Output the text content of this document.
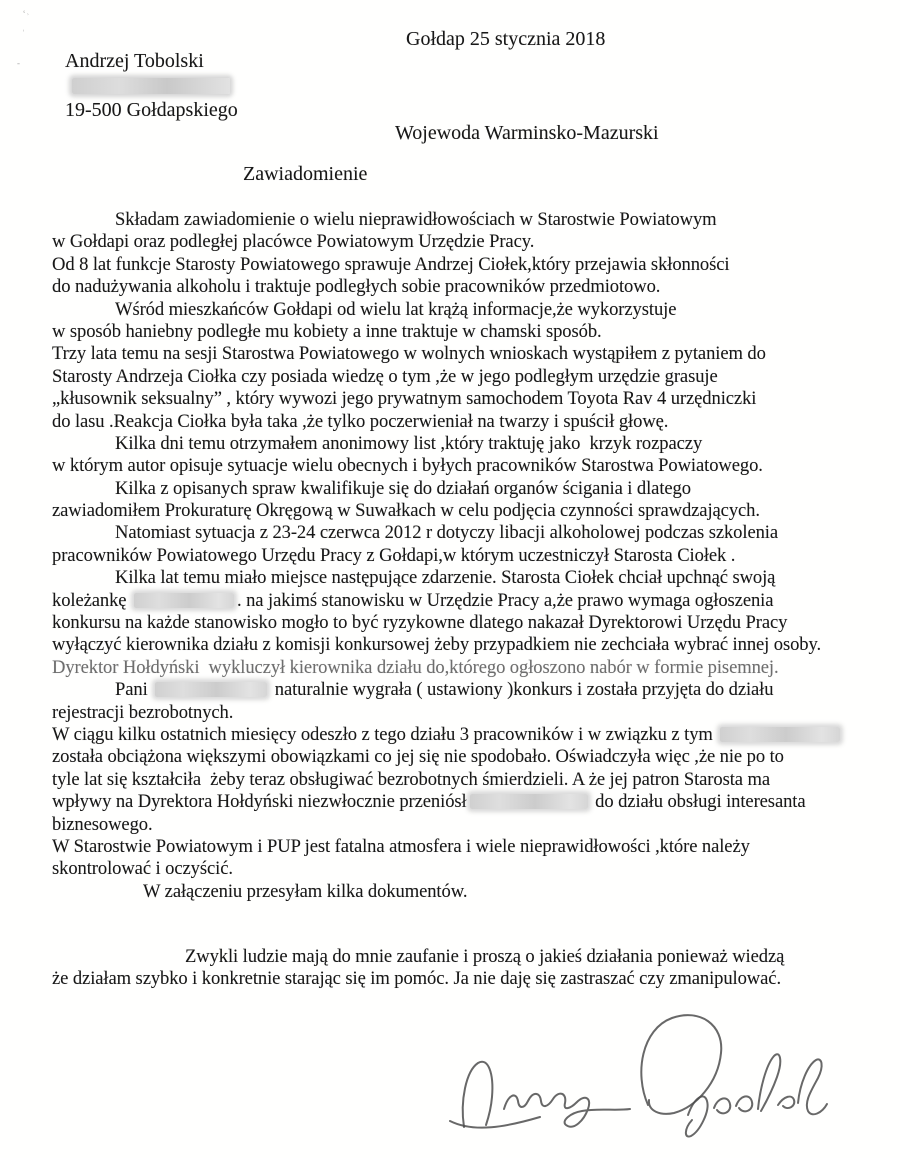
ʻ˒
˒
-
Gołdap 25 stycznia 2018
Andrzej Tobolski
19-500 Gołdapskiego
Wojewoda Warminsko-Mazurski
Zawiadomienie
Składam zawiadomienie o wielu nieprawidłowościach w Starostwie Powiatowym
w Gołdapi oraz podległej placówce Powiatowym Urzędzie Pracy.
Od 8 lat funkcje Starosty Powiatowego sprawuje Andrzej Ciołek,który przejawia skłonności
do nadużywania alkoholu i traktuje podległych sobie pracowników przedmiotowo.
Wśród mieszkańców Gołdapi od wielu lat krążą informacje,że wykorzystuje
w sposób haniebny podległe mu kobiety a inne traktuje w chamski sposób.
Trzy lata temu na sesji Starostwa Powiatowego w wolnych wnioskach wystąpiłem z pytaniem do
Starosty Andrzeja Ciołka czy posiada wiedzę o tym ,że w jego podległym urzędzie grasuje
„kłusownik seksualny” , który wywozi jego prywatnym samochodem Toyota Rav 4 urzędniczki
do lasu .Reakcja Ciołka była taka ,że tylko poczerwieniał na twarzy i spuścił głowę.
Kilka dni temu otrzymałem anonimowy list ,który traktuję jako  krzyk rozpaczy
w którym autor opisuje sytuacje wielu obecnych i byłych pracowników Starostwa Powiatowego.
Kilka z opisanych spraw kwalifikuje się do działań organów ścigania i dlatego
zawiadomiłem Prokuraturę Okręgową w Suwałkach w celu podjęcia czynności sprawdzających.
Natomiast sytuacja z 23-24 czerwca 2012 r dotyczy libacji alkoholowej podczas szkolenia
pracowników Powiatowego Urzędu Pracy z Gołdapi,w którym uczestniczył Starosta Ciołek .
Kilka lat temu miało miejsce następujące zdarzenie. Starosta Ciołek chciał upchnąć swoją
koleżankę	. na jakimś stanowisku w Urzędzie Pracy a,że prawo wymaga ogłoszenia
konkursu na każde stanowisko mogło to być ryzykowne dlatego nakazał Dyrektorowi Urzędu Pracy
wyłączyć kierownika działu z komisji konkursowej żeby przypadkiem nie zechciała wybrać innej osoby.
Dyrektor Hołdyński  wykluczył kierownika działu do,którego ogłoszono nabór w formie pisemnej.
Pani	naturalnie wygrała ( ustawiony )konkurs i została przyjęta do działu
rejestracji bezrobotnych.
W ciągu kilku ostatnich miesięcy odeszło z tego działu 3 pracowników i w związku z tym
została obciążona większymi obowiązkami co jej się nie spodobało. Oświadczyła więc ,że nie po to
tyle lat się kształciła  żeby teraz obsługiwać bezrobotnych śmierdzieli. A że jej patron Starosta ma
wpływy na Dyrektora Hołdyński niezwłocznie przeniósł	do działu obsługi interesanta
biznesowego.
W Starostwie Powiatowym i PUP jest fatalna atmosfera i wiele nieprawidłowości ,które należy
skontrolować i oczyścić.
W załączeniu przesyłam kilka dokumentów.
Zwykli ludzie mają do mnie zaufanie i proszą o jakieś działania ponieważ wiedzą
że działam szybko i konkretnie starając się im pomóc. Ja nie daję się zastraszać czy zmanipulować.
